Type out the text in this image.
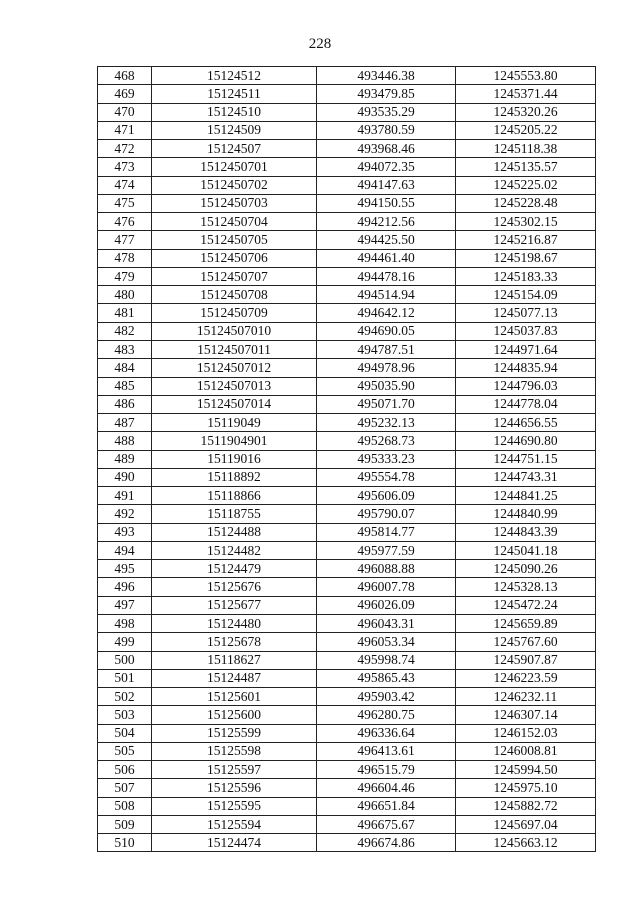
228
468	15124512	493446.38	1245553.80
469	15124511	493479.85	1245371.44
470	15124510	493535.29	1245320.26
471	15124509	493780.59	1245205.22
472	15124507	493968.46	1245118.38
473	1512450701	494072.35	1245135.57
474	1512450702	494147.63	1245225.02
475	1512450703	494150.55	1245228.48
476	1512450704	494212.56	1245302.15
477	1512450705	494425.50	1245216.87
478	1512450706	494461.40	1245198.67
479	1512450707	494478.16	1245183.33
480	1512450708	494514.94	1245154.09
481	1512450709	494642.12	1245077.13
482	15124507010	494690.05	1245037.83
483	15124507011	494787.51	1244971.64
484	15124507012	494978.96	1244835.94
485	15124507013	495035.90	1244796.03
486	15124507014	495071.70	1244778.04
487	15119049	495232.13	1244656.55
488	1511904901	495268.73	1244690.80
489	15119016	495333.23	1244751.15
490	15118892	495554.78	1244743.31
491	15118866	495606.09	1244841.25
492	15118755	495790.07	1244840.99
493	15124488	495814.77	1244843.39
494	15124482	495977.59	1245041.18
495	15124479	496088.88	1245090.26
496	15125676	496007.78	1245328.13
497	15125677	496026.09	1245472.24
498	15124480	496043.31	1245659.89
499	15125678	496053.34	1245767.60
500	15118627	495998.74	1245907.87
501	15124487	495865.43	1246223.59
502	15125601	495903.42	1246232.11
503	15125600	496280.75	1246307.14
504	15125599	496336.64	1246152.03
505	15125598	496413.61	1246008.81
506	15125597	496515.79	1245994.50
507	15125596	496604.46	1245975.10
508	15125595	496651.84	1245882.72
509	15125594	496675.67	1245697.04
510	15124474	496674.86	1245663.12
